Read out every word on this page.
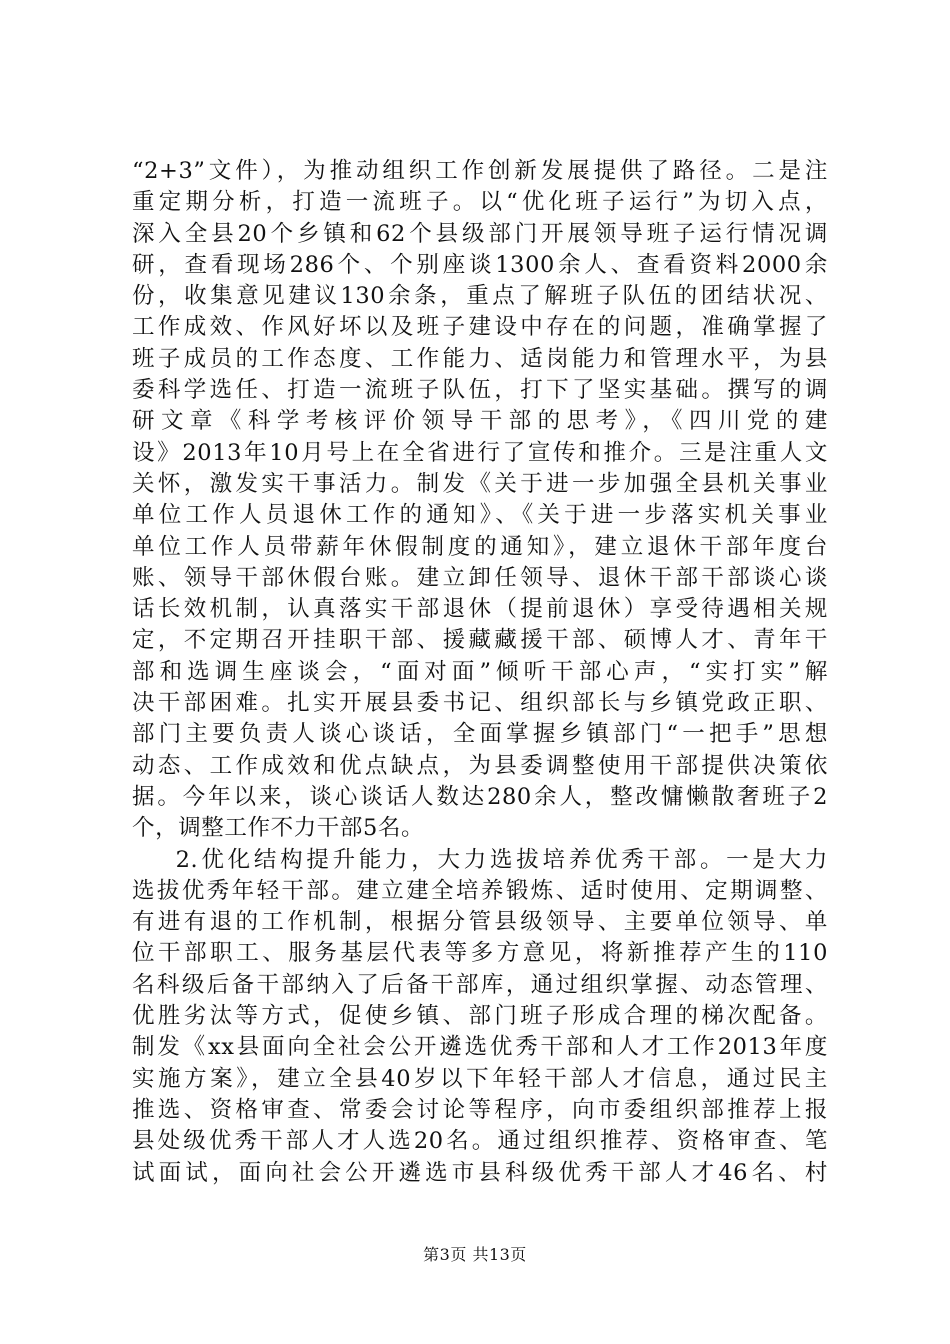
“2+3”文件），为推动组织工作创新发展提供了路径。二是注
重定期分析，打造一流班子。以“优化班子运行”为切入点，
深入全县20个乡镇和62个县级部门开展领导班子运行情况调
研，查看现场286个、个别座谈1300余人、查看资料2000余
份，收集意见建议130余条，重点了解班子队伍的团结状况、
工作成效、作风好坏以及班子建设中存在的问题，准确掌握了
班子成员的工作态度、工作能力、适岗能力和管理水平，为县
委科学选任、打造一流班子队伍，打下了坚实基础。撰写的调
研文章《科学考核评价领导干部的思考》，《四川党的建
设》2013年10月号上在全省进行了宣传和推介。三是注重人文
关怀，激发实干事活力。制发《关于进一步加强全县机关事业
单位工作人员退休工作的通知》、《关于进一步落实机关事业
单位工作人员带薪年休假制度的通知》，建立退休干部年度台
账、领导干部休假台账。建立卸任领导、退休干部干部谈心谈
话长效机制，认真落实干部退休（提前退休）享受待遇相关规
定，不定期召开挂职干部、援藏藏援干部、硕博人才、青年干
部和选调生座谈会，“面对面”倾听干部心声，“实打实”解
决干部困难。扎实开展县委书记、组织部长与乡镇党政正职、
部门主要负责人谈心谈话，全面掌握乡镇部门“一把手”思想
动态、工作成效和优点缺点，为县委调整使用干部提供决策依
据。今年以来，谈心谈话人数达280余人，整改慵懒散奢班子2
个，调整工作不力干部5名。
2.优化结构提升能力，大力选拔培养优秀干部。一是大力
选拔优秀年轻干部。建立建全培养锻炼、适时使用、定期调整、
有进有退的工作机制，根据分管县级领导、主要单位领导、单
位干部职工、服务基层代表等多方意见，将新推荐产生的110
名科级后备干部纳入了后备干部库，通过组织掌握、动态管理、
优胜劣汰等方式，促使乡镇、部门班子形成合理的梯次配备。
制发《xx县面向全社会公开遴选优秀干部和人才工作2013年度
实施方案》，建立全县40岁以下年轻干部人才信息，通过民主
推选、资格审查、常委会讨论等程序，向市委组织部推荐上报
县处级优秀干部人才人选20名。通过组织推荐、资格审查、笔
试面试，面向社会公开遴选市县科级优秀干部人才46名、村
第3页 共13页
